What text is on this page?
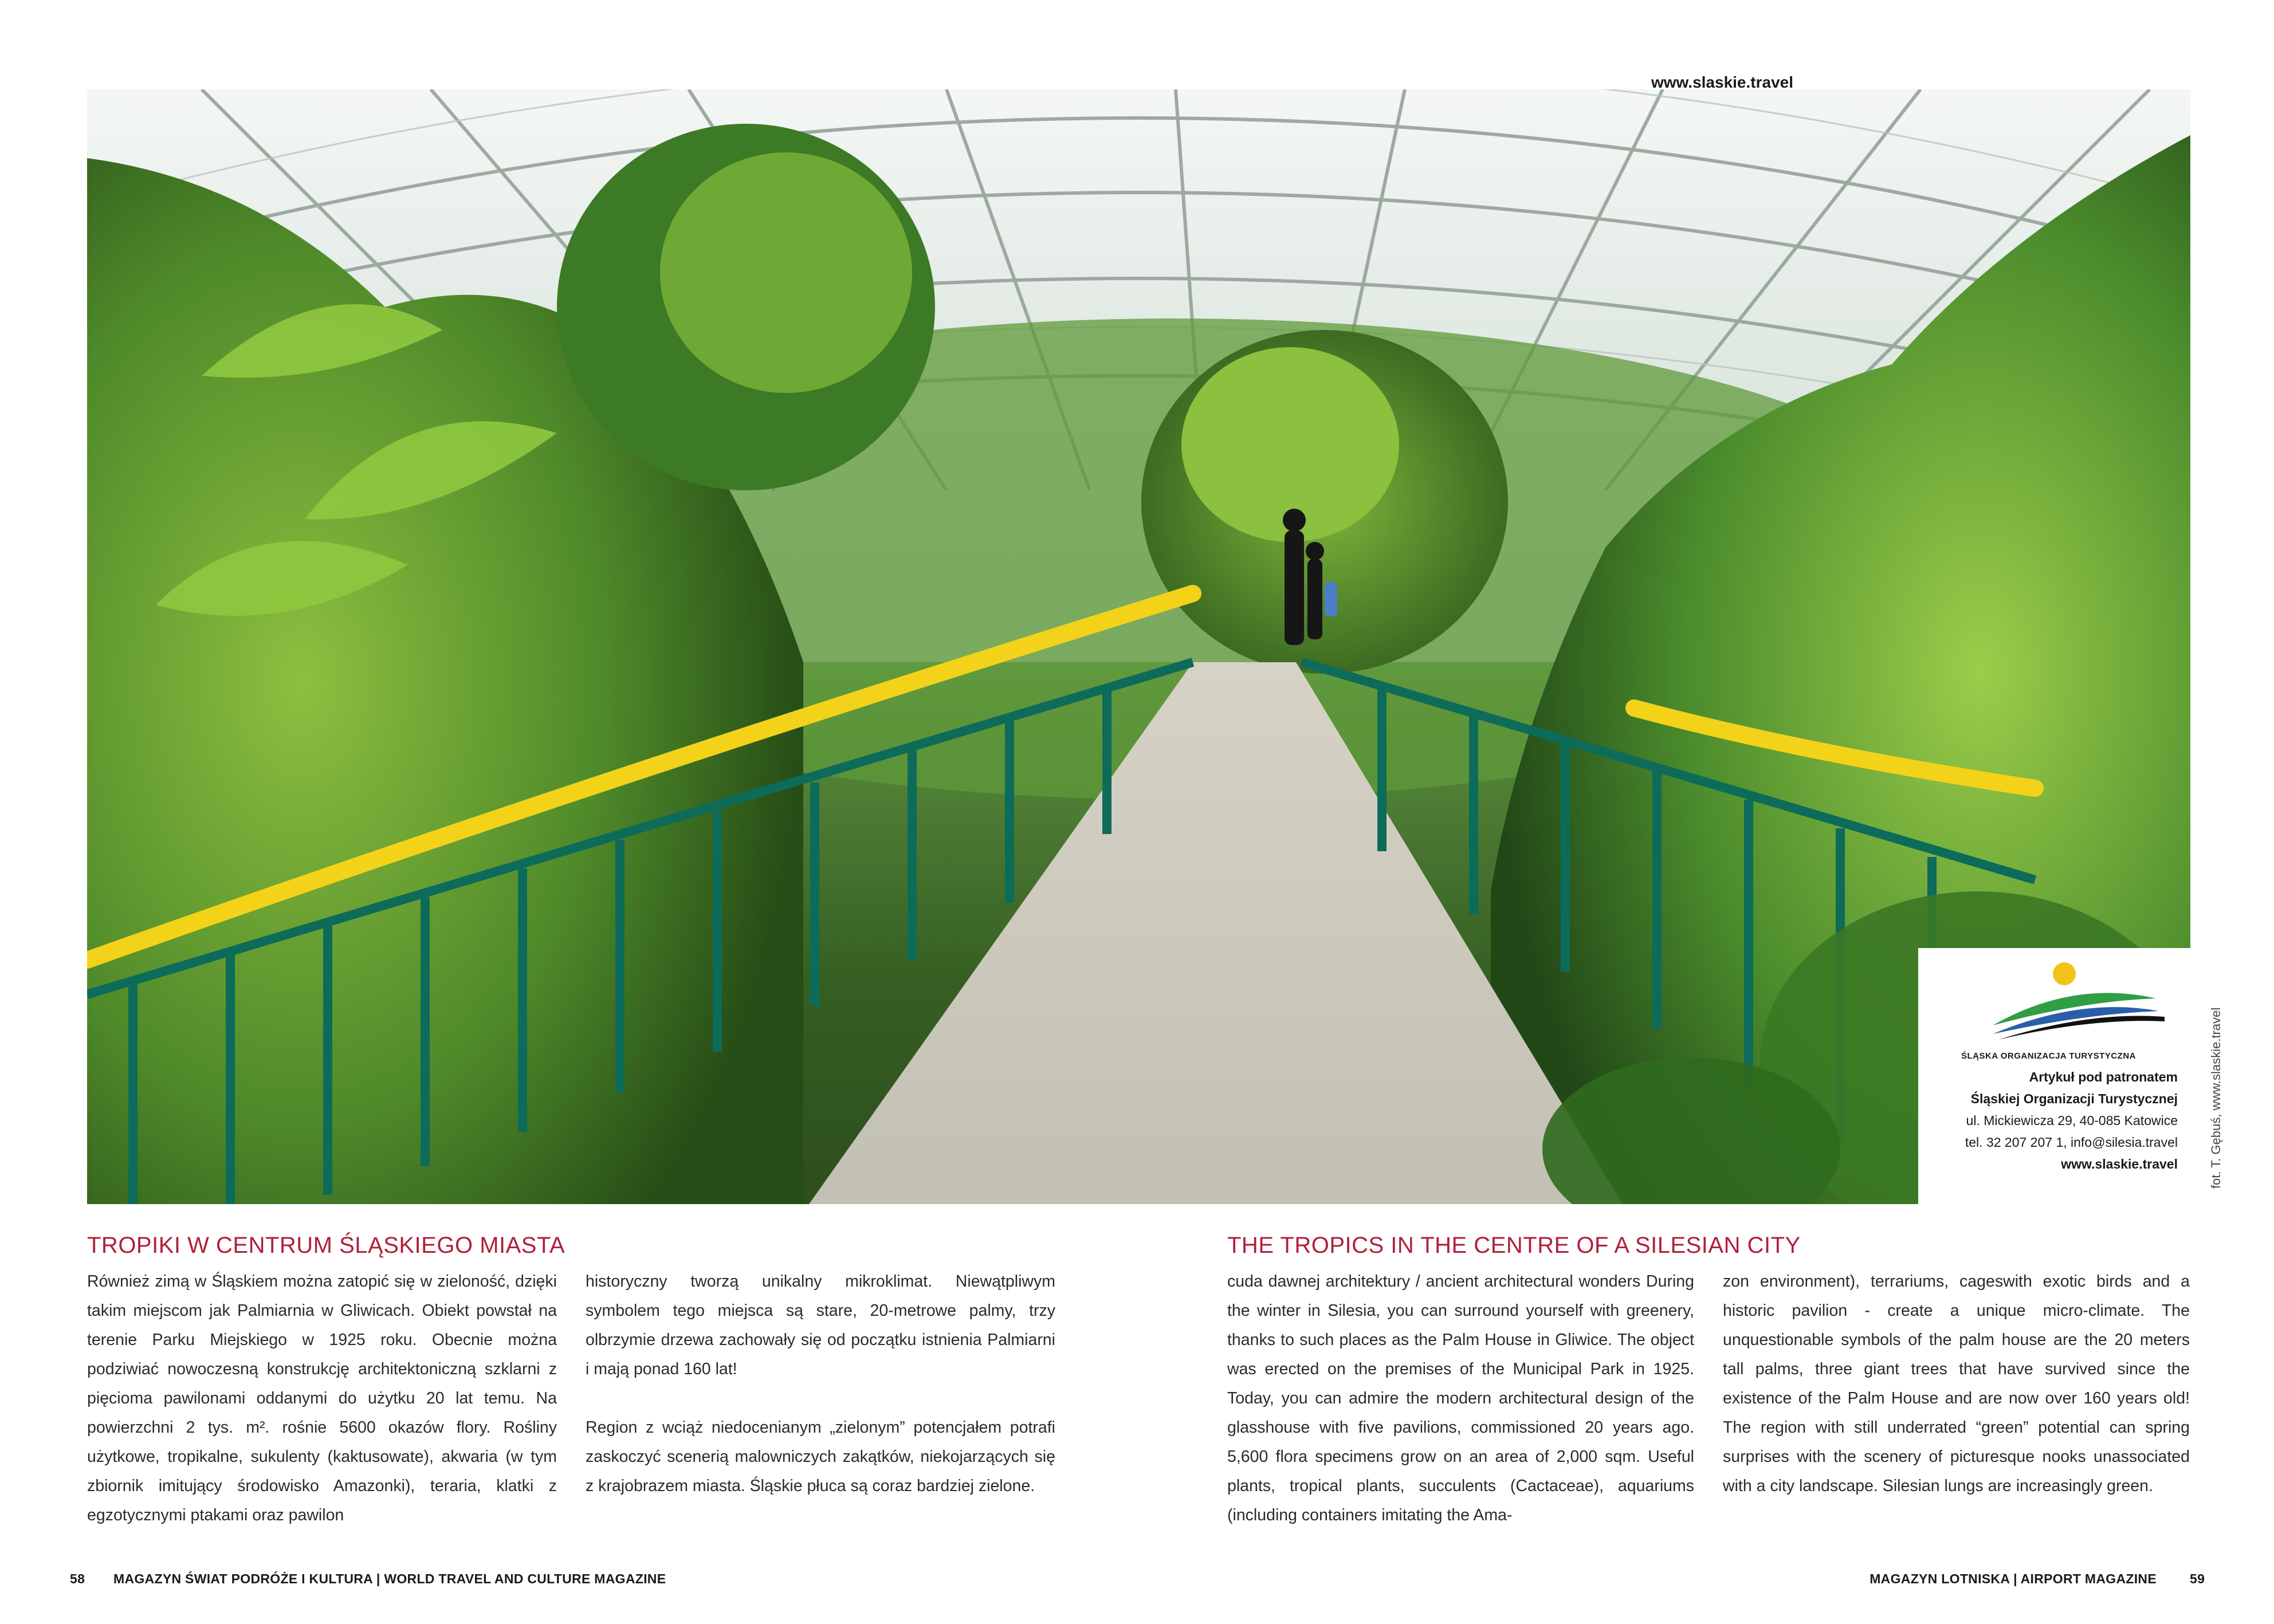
www.slaskie.travel
ŚLĄSKA ORGANIZACJA TURYSTYCZNA
Artykuł pod patronatem
Śląskiej Organizacji Turystycznej
ul. Mickiewicza 29, 40-085 Katowice
tel. 32 207 207 1, info@silesia.travel
www.slaskie.travel fot. T. Gębuś, www.slaskie.travel
TROPIKI W CENTRUM ŚLĄSKIEGO MIASTA

Również zimą w Śląskiem można zatopić się w zieloność, dzięki takim miejscom jak Palmiarnia w Gliwicach. Obiekt powstał na terenie Parku Miejskiego w 1925 roku. Obecnie można podziwiać nowoczesną konstrukcję architektoniczną szklarni z pięcioma pawilonami oddanymi do użytku 20 lat temu. Na powierzchni 2 tys. m². rośnie 5600 okazów flory. Rośliny użytkowe, tropikalne, sukulenty (kaktusowate), akwaria (w tym zbiornik imitujący środowisko Amazonki), teraria, klatki z egzotycznymi ptakami oraz pawilon

historyczny tworzą unikalny mikroklimat. Niewątpliwym symbolem tego miejsca są stare, 20-metrowe palmy, trzy olbrzymie drzewa zachowały się od początku istnienia Palmiarni i mają ponad 160 lat!

Region z wciąż niedocenianym „zielonym” potencjałem potrafi zaskoczyć scenerią malowniczych zakątków, niekojarzących się z krajobrazem miasta. Śląskie płuca są coraz bardziej zielone.

THE TROPICS IN THE CENTRE OF A SILESIAN CITY

cuda dawnej architektury / ancient architectural wonders During the winter in Silesia, you can surround yourself with greenery, thanks to such places as the Palm House in Gliwice. The object was erected on the premises of the Municipal Park in 1925. Today, you can admire the modern architectural design of the glasshouse with five pavilions, commissioned 20 years ago. 5,600 flora specimens grow on an area of 2,000 sqm. Useful plants, tropical plants, succulents (Cactaceae), aquariums (including containers imitating the Ama-

zon environment), terrariums, cageswith exotic birds and a historic pavilion - create a unique micro-climate. The unquestionable symbols of the palm house are the 20 meters tall palms, three giant trees that have survived since the existence of the Palm House and are now over 160 years old! The region with still underrated “green” potential can spring surprises with the scenery of picturesque nooks unassociated with a city landscape. Silesian lungs are increasingly green.

58 MAGAZYN ŚWIAT PODRÓŻE I KULTURA | WORLD TRAVEL AND CULTURE MAGAZINE	MAGAZYN LOTNISKA | AIRPORT MAGAZINE	59
